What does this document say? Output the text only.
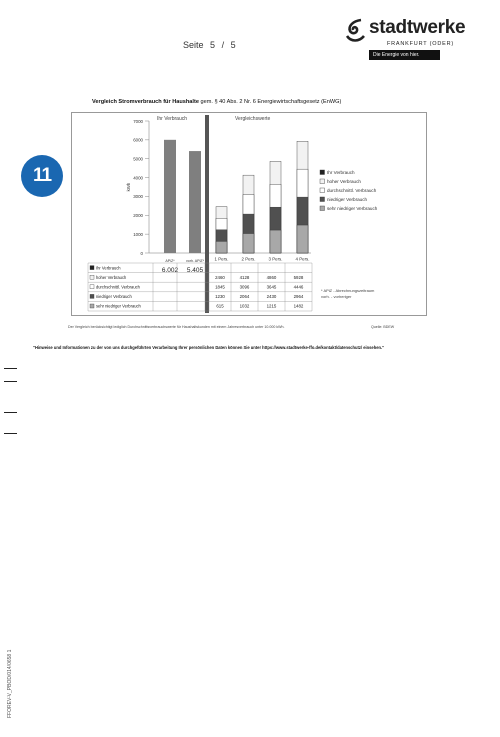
Seite 5 / 5
stadtwerke
FRANKFURT (ODER)
Die Energie von hier.
11
Vergleich Stromverbrauch für Haushalte gem. § 40 Abs. 2 Nr. 6 Energiewirtschaftsgesetz (EnWG)
Ihr Verbrauch	Vergleichswerte
0
1000
2000
3000
4000
5000
6000
7000
kWh
APiZ*
6.002
vorh. APiZ*
5.405
1 Pers.	2 Pers.	3 Pers.	4 Pers.
Ihr Verbrauch
hoher Verbrauch
durchschnittl. Verbrauch
niedriger Verbrauch
sehr niedriger Verbrauch
Ihr Verbrauch
hoher Verbrauch	2460	4128	4860	5928
durchschnittl. Verbrauch	1845	3096	3645	4446
niedriger Verbrauch	1230	2064	2430	2964
sehr niedriger Verbrauch	615	1032	1215	1482
* APiZ - Abrechnungszeitraum
vorh. - vorheriger
Der Vergleich berücksichtigt lediglich Durchschnittsverbrauchswerte für Haushaltskunden mit einem Jahresverbrauch unter 10.000 kWh.	Quelle: BDEW
"Hinweise und Informationen zu der von uns durchgeführten Verarbeitung Ihrer persönlichen Daten können Sie unter https://www.stadtwerke-ffo.de/kontakt/datenschutz/ einsehen."
FFOREV-V_PBOD/014/0658 1
